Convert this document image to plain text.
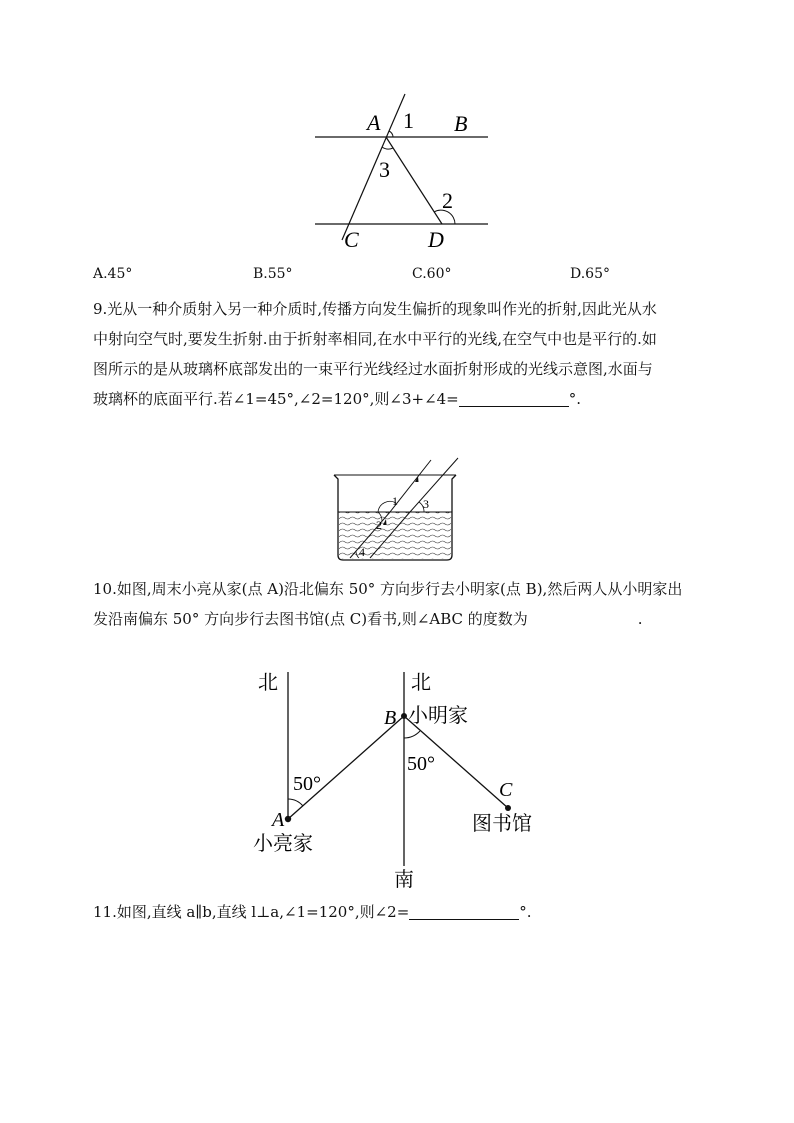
A 1 B
3
2
C	D
A.45°	B.55°	C.60°	D.65°
9.光从一种介质射入另一种介质时,传播方向发生偏折的现象叫作光的折射,因此光从水
中射向空气时,要发生折射.由于折射率相同,在水中平行的光线,在空气中也是平行的.如
图所示的是从玻璃杯底部发出的一束平行光线经过水面折射形成的光线示意图,水面与
玻璃杯的底面平行.若∠1=45°,∠2=120°,则∠3+∠4=	°.
1 3
2
4
10.如图,周末小亮从家(点 A)沿北偏东 50° 方向步行去小明家(点 B),然后两人从小明家出
发沿南偏东 50° 方向步行去图书馆(点 C)看书,则∠ABC 的度数为	.
北	北
B 小明家
50°
50°	C
图书馆
A
小亮家
南
11.如图,直线 a∥b,直线 l⊥a,∠1=120°,则∠2=	°.
